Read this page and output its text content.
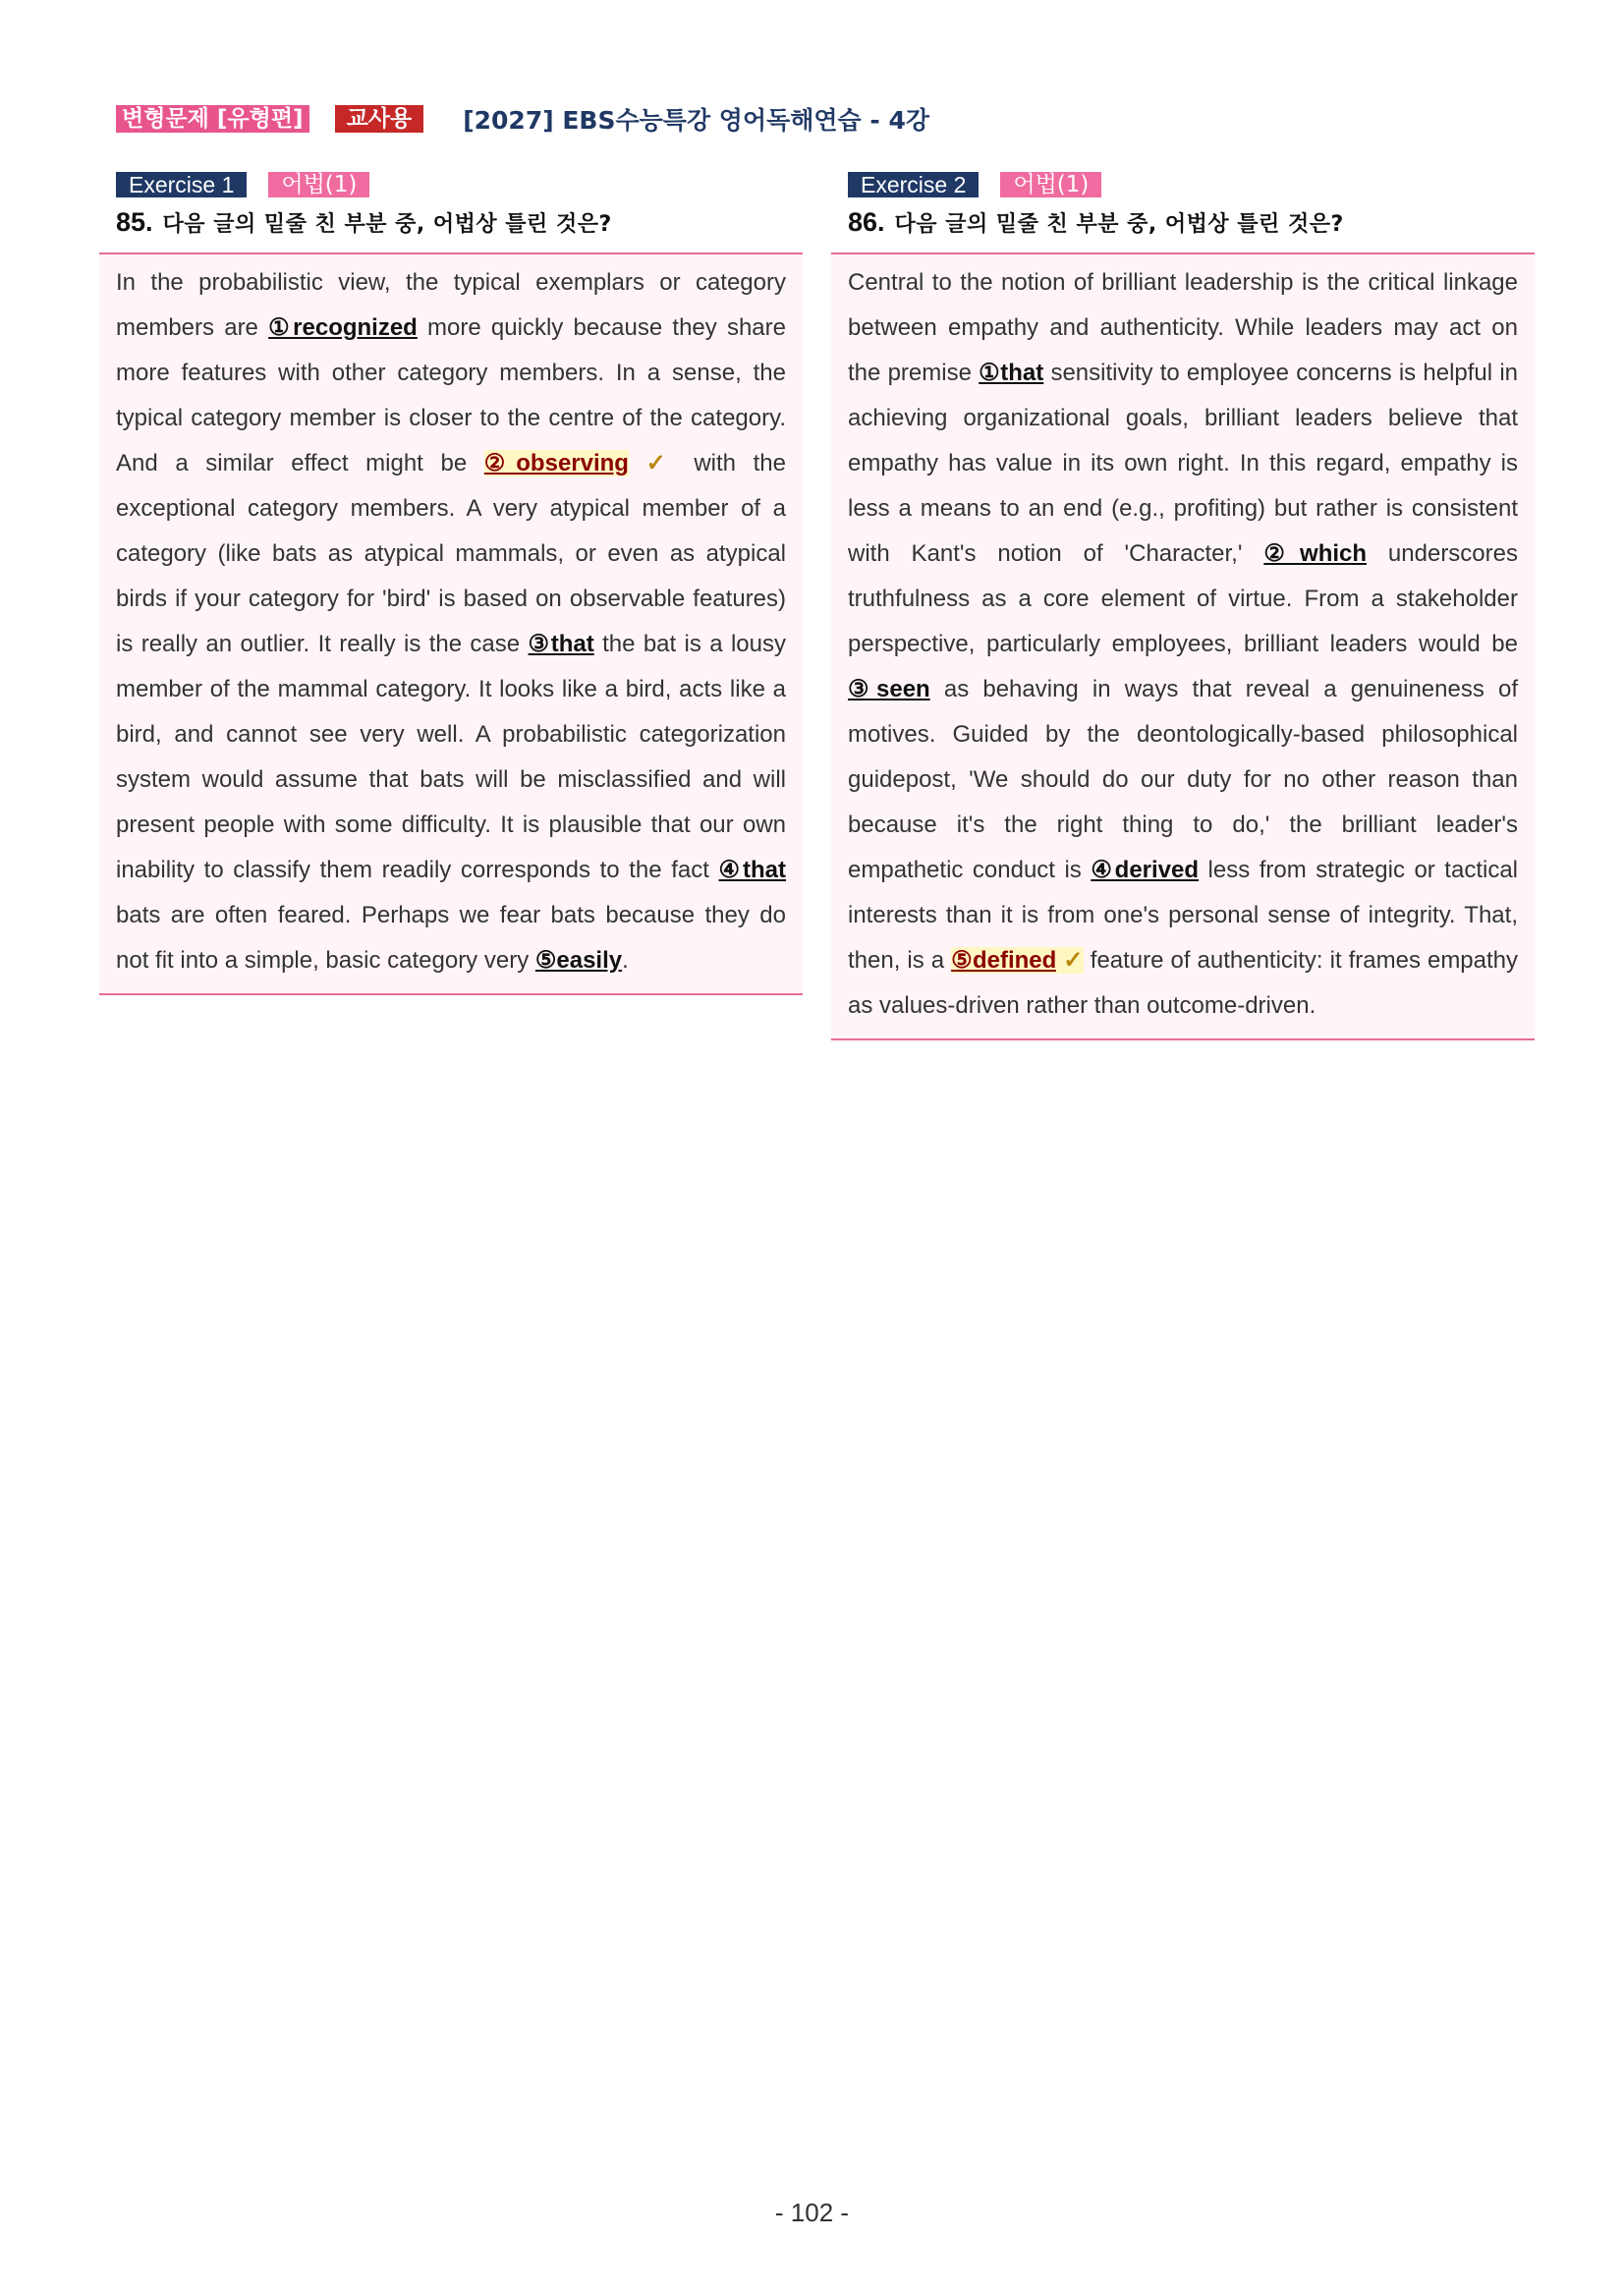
변형문제 [유형편]	교사용	[2027] EBS수능특강 영어독해연습 - 4강
Exercise 1	어법(1)
85. 다음 글의 밑줄 친 부분 중, 어법상 틀린 것은?
In the probabilistic view, the typical exemplars or category members are ①recognized more quickly because they share more features with other category members. In a sense, the typical category member is closer to the centre of the category. And a similar effect might be ②observing ✓ with the exceptional category members. A very atypical member of a category (like bats as atypical mammals, or even as atypical birds if your category for 'bird' is based on observable features) is really an outlier. It really is the case ③that the bat is a lousy member of the mammal category. It looks like a bird, acts like a bird, and cannot see very well. A probabilistic categorization system would assume that bats will be misclassified and will present people with some difficulty. It is plausible that our own inability to classify them readily corresponds to the fact ④that bats are often feared. Perhaps we fear bats because they do not fit into a simple, basic category very ⑤easily.
Exercise 2	어법(1)
86. 다음 글의 밑줄 친 부분 중, 어법상 틀린 것은?
Central to the notion of brilliant leadership is the critical linkage between empathy and authenticity. While leaders may act on the premise ①that sensitivity to employee concerns is helpful in achieving organizational goals, brilliant leaders believe that empathy has value in its own right. In this regard, empathy is less a means to an end (e.g., profiting) but rather is consistent with Kant's notion of 'Character,' ②which underscores truthfulness as a core element of virtue. From a stakeholder perspective, particularly employees, brilliant leaders would be ③seen as behaving in ways that reveal a genuineness of motives. Guided by the deontologically-based philosophical guidepost, 'We should do our duty for no other reason than because it's the right thing to do,' the brilliant leader's empathetic conduct is ④derived less from strategic or tactical interests than it is from one's personal sense of integrity. That, then, is a ⑤defined ✓ feature of authenticity: it frames empathy as values-driven rather than outcome-driven.
- 102 -
